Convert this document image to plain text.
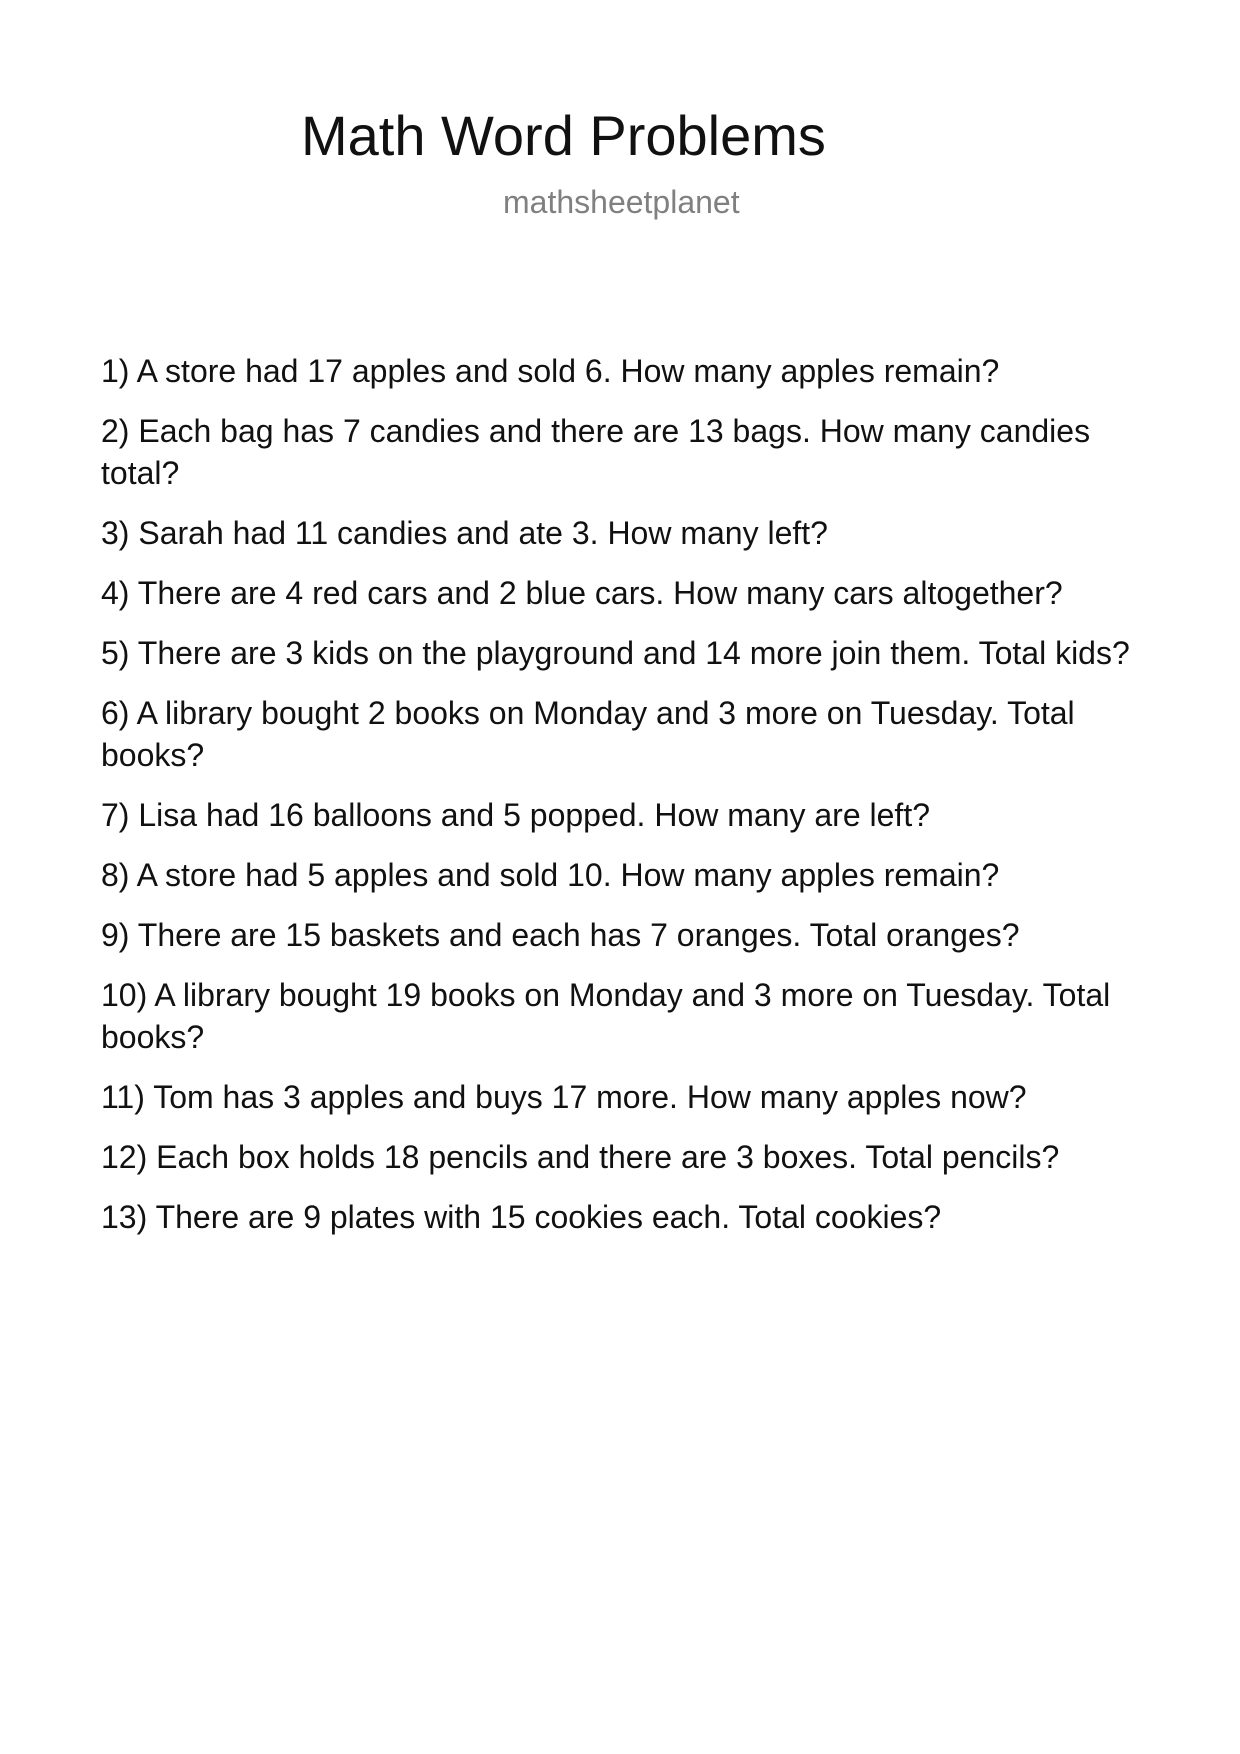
Math Word Problems
mathsheetplanet
1) A store had 17 apples and sold 6. How many apples remain?
2) Each bag has 7 candies and there are 13 bags. How many candies total?
3) Sarah had 11 candies and ate 3. How many left?
4) There are 4 red cars and 2 blue cars. How many cars altogether?
5) There are 3 kids on the playground and 14 more join them. Total kids?
6) A library bought 2 books on Monday and 3 more on Tuesday. Total books?
7) Lisa had 16 balloons and 5 popped. How many are left?
8) A store had 5 apples and sold 10. How many apples remain?
9) There are 15 baskets and each has 7 oranges. Total oranges?
10) A library bought 19 books on Monday and 3 more on Tuesday. Total books?
11) Tom has 3 apples and buys 17 more. How many apples now?
12) Each box holds 18 pencils and there are 3 boxes. Total pencils?
13) There are 9 plates with 15 cookies each. Total cookies?
